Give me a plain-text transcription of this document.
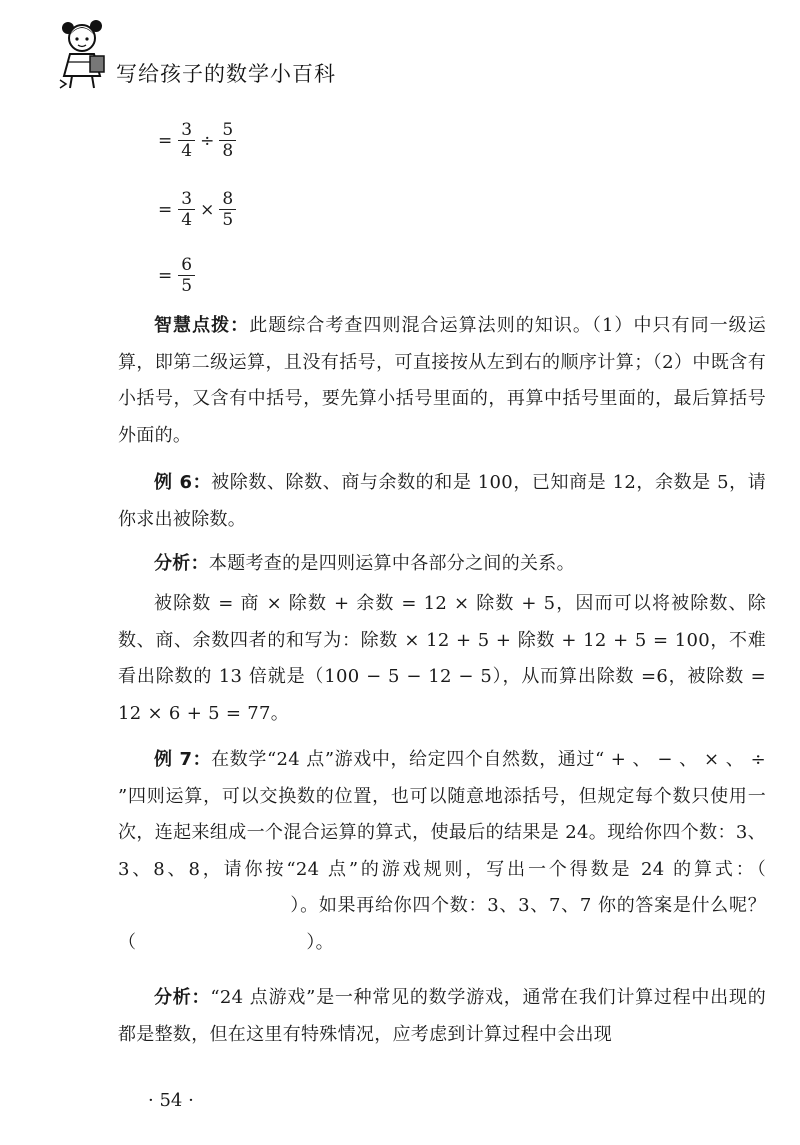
写给孩子的数学小百科
= $\frac{3}{4} \div \frac{5}{8}$
= $\frac{3}{4} \times \frac{8}{5}$
= $\frac{6}{5}$

智慧点拨：此题综合考查四则混合运算法则的知识。（1）中只有同一级运算，即第二级运算，且没有括号，可直接按从左到右的顺序计算；（2）中既含有小括号，又含有中括号，要先算小括号里面的，再算中括号里面的，最后算括号外面的。

例 6：被除数、除数、商与余数的和是 100，已知商是 12，余数是 5，请你求出被除数。

分析：本题考查的是四则运算中各部分之间的关系。

被除数 = 商 × 除数 + 余数 = 12 × 除数 + 5，因而可以将被除数、除数、商、余数四者的和写为：除数 × 12 + 5 + 除数 + 12 + 5 = 100，不难看出除数的 13 倍就是（100 − 5 − 12 − 5），从而算出除数 =6，被除数 = 12 × 6 + 5 = 77。

例 7：在数学“24 点”游戏中，给定四个自然数，通过“ + 、 − 、 × 、 ÷ ”四则运算，可以交换数的位置，也可以随意地添括号，但规定每个数只使用一次，连起来组成一个混合运算的算式，使最后的结果是 24。现给你四个数：3、3、8、8，请你按“24 点”的游戏规则，写出一个得数是 24 的算式：（）。如果再给你四个数：3、3、7、7 你的答案是什么呢？（	）。

分析：“24 点游戏”是一种常见的数学游戏，通常在我们计算过程中出现的都是整数，但在这里有特殊情况，应考虑到计算过程中会出现

· 54 ·
